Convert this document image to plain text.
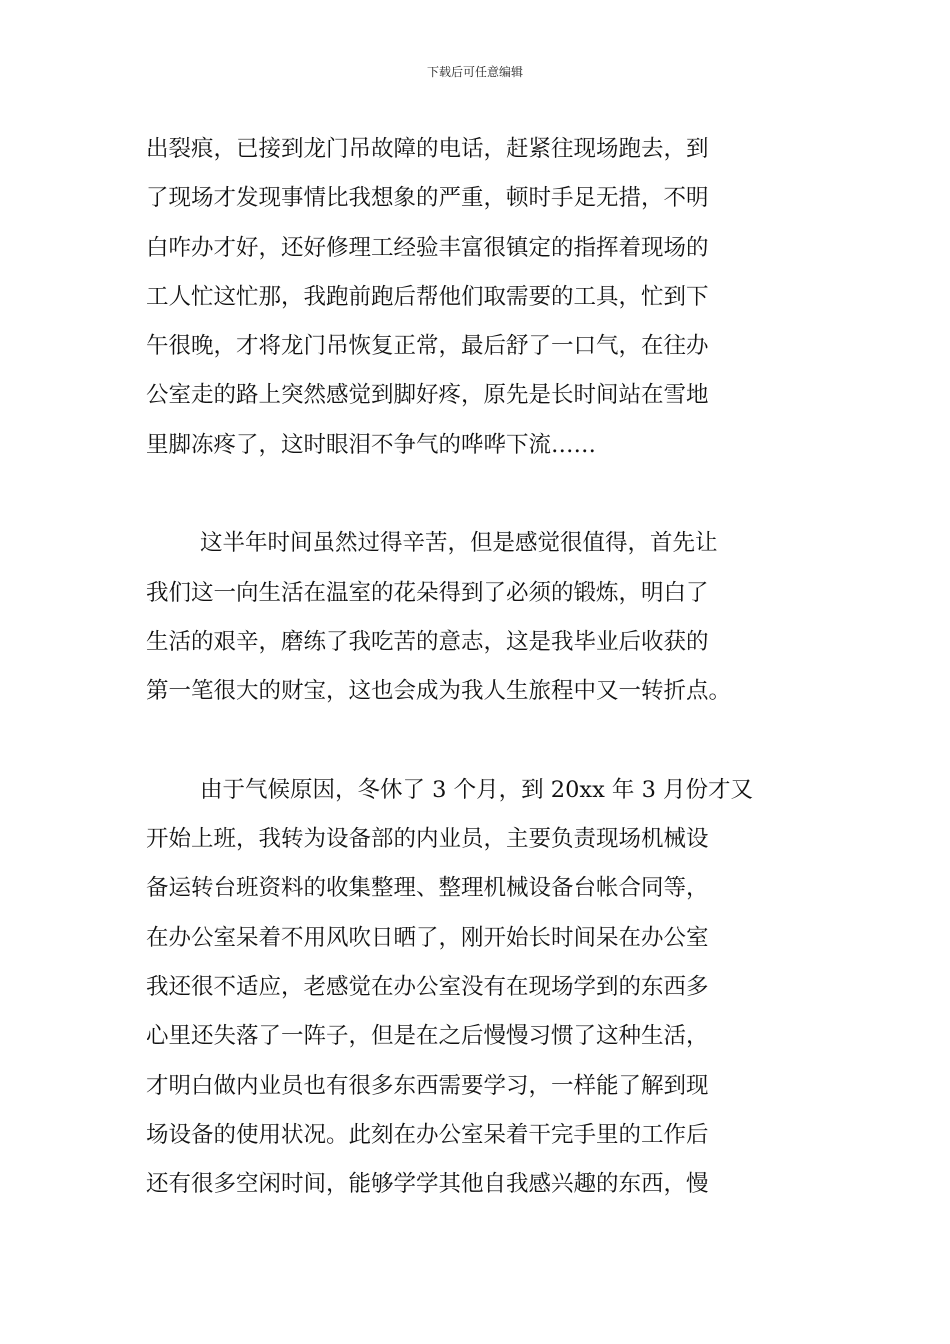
下载后可任意编辑
出裂痕，已接到龙门吊故障的电话，赶紧往现场跑去，到
了现场才发现事情比我想象的严重，顿时手足无措，不明
白咋办才好，还好修理工经验丰富很镇定的指挥着现场的
工人忙这忙那，我跑前跑后帮他们取需要的工具，忙到下
午很晚，才将龙门吊恢复正常，最后舒了一口气，在往办
公室走的路上突然感觉到脚好疼，原先是长时间站在雪地
里脚冻疼了，这时眼泪不争气的哗哗下流……
这半年时间虽然过得辛苦，但是感觉很值得，首先让
我们这一向生活在温室的花朵得到了必须的锻炼，明白了
生活的艰辛，磨练了我吃苦的意志，这是我毕业后收获的
第一笔很大的财宝，这也会成为我人生旅程中又一转折点。
由于气候原因，冬休了 3 个月，到 20xx 年 3 月份才又
开始上班，我转为设备部的内业员，主要负责现场机械设
备运转台班资料的收集整理、整理机械设备台帐合同等，
在办公室呆着不用风吹日晒了，刚开始长时间呆在办公室
我还很不适应，老感觉在办公室没有在现场学到的东西多
心里还失落了一阵子，但是在之后慢慢习惯了这种生活，
才明白做内业员也有很多东西需要学习，一样能了解到现
场设备的使用状况。此刻在办公室呆着干完手里的工作后
还有很多空闲时间，能够学学其他自我感兴趣的东西，慢
